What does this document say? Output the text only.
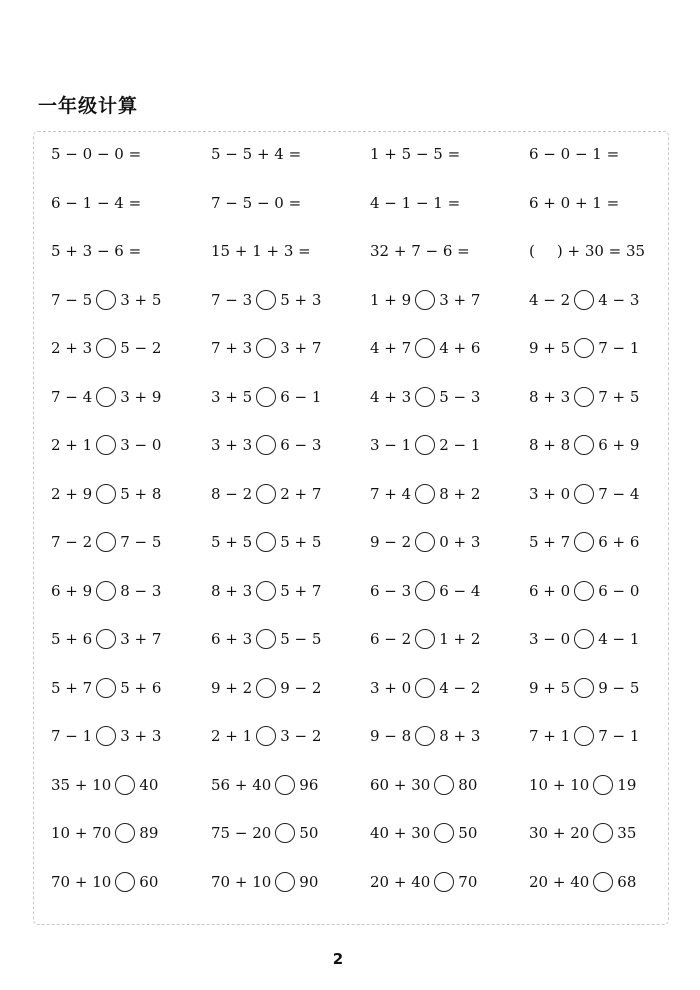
一年级计算
5 − 0 − 0 =	5 − 5 + 4 =	1 + 5 − 5 =	6 − 0 − 1 =
6 − 1 − 4 =	7 − 5 − 0 =	4 − 1 − 1 =	6 + 0 + 1 =
5 + 3 − 6 =	15 + 1 + 3 =	32 + 7 − 6 =	( ) + 30 = 35
7 − 5 3 + 5	7 − 3 5 + 3	1 + 9 3 + 7	4 − 2 4 − 3
2 + 3 5 − 2	7 + 3 3 + 7	4 + 7 4 + 6	9 + 5 7 − 1
7 − 4 3 + 9	3 + 5 6 − 1	4 + 3 5 − 3	8 + 3 7 + 5
2 + 1 3 − 0	3 + 3 6 − 3	3 − 1 2 − 1	8 + 8 6 + 9
2 + 9 5 + 8	8 − 2 2 + 7	7 + 4 8 + 2	3 + 0 7 − 4
7 − 2 7 − 5	5 + 5 5 + 5	9 − 2 0 + 3	5 + 7 6 + 6
6 + 9 8 − 3	8 + 3 5 + 7	6 − 3 6 − 4	6 + 0 6 − 0
5 + 6 3 + 7	6 + 3 5 − 5	6 − 2 1 + 2	3 − 0 4 − 1
5 + 7 5 + 6	9 + 2 9 − 2	3 + 0 4 − 2	9 + 5 9 − 5
7 − 1 3 + 3	2 + 1 3 − 2	9 − 8 8 + 3	7 + 1 7 − 1
35 + 10 40	56 + 40 96	60 + 30 80	10 + 10 19
10 + 70 89	75 − 20 50	40 + 30 50	30 + 20 35
70 + 10 60	70 + 10 90	20 + 40 70	20 + 40 68
2
